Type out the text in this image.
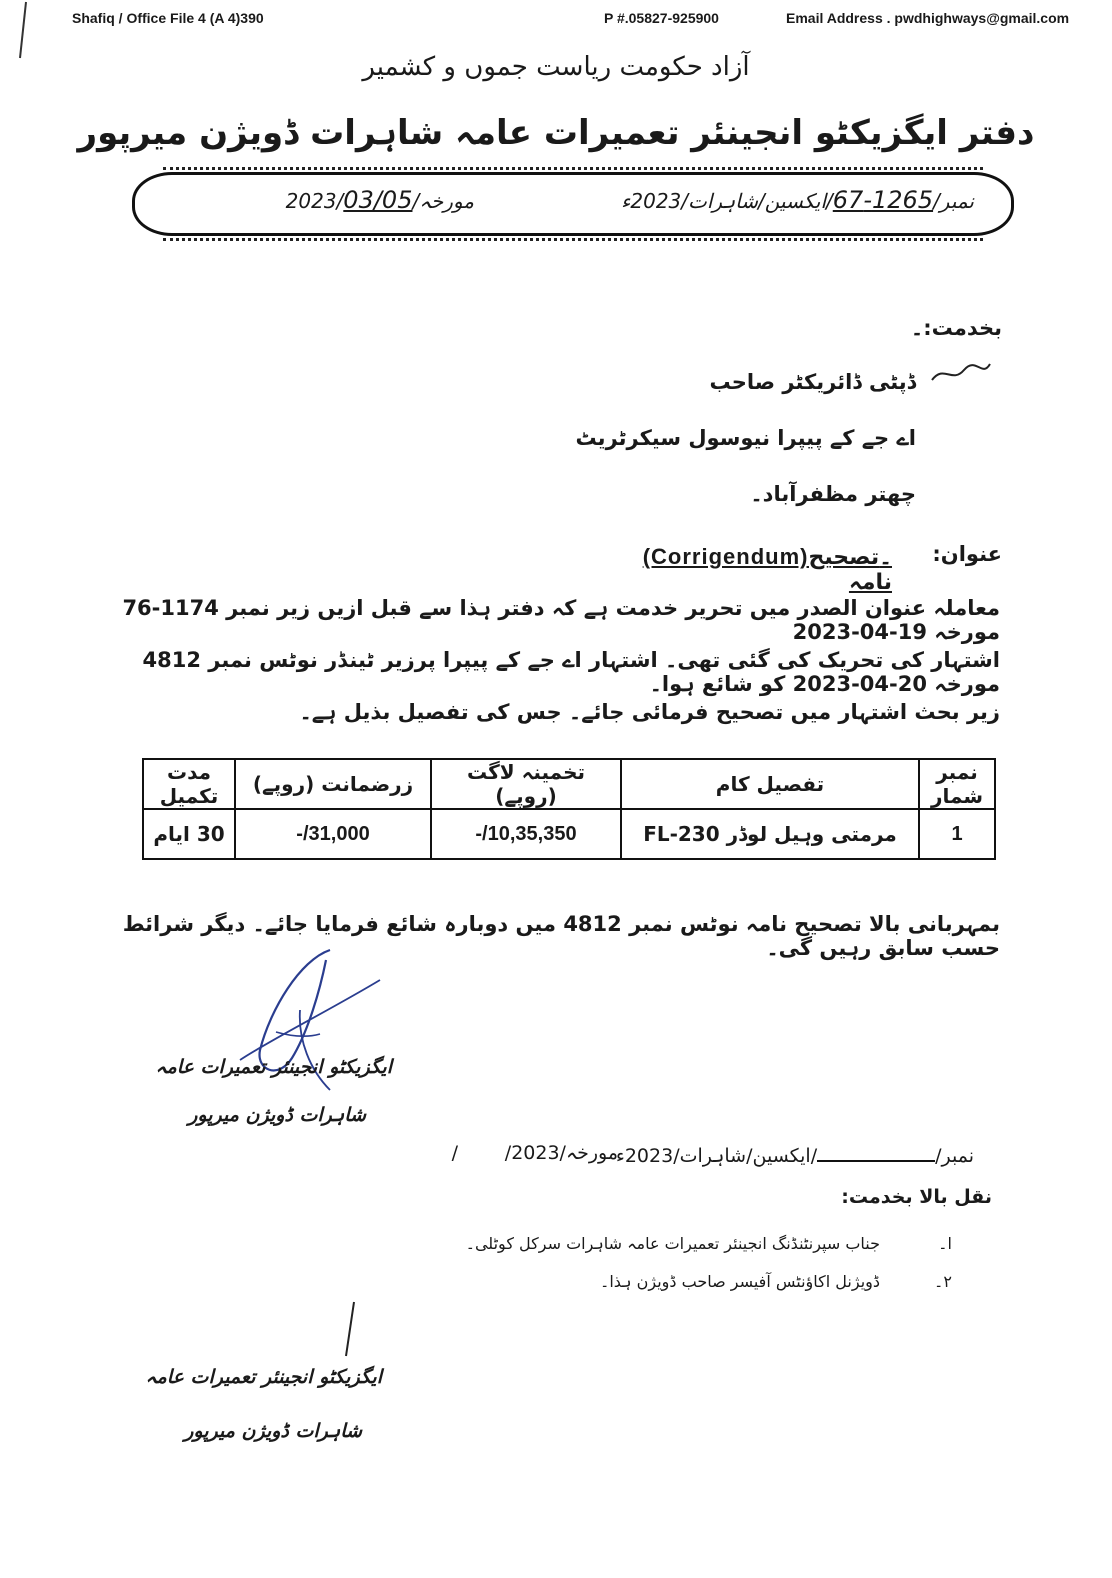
Shafiq / Office File 4 (A 4)390	P #.05827-925900	Email Address . pwdhighways@gmail.com
آزاد حکومت ریاست جموں و کشمیر
دفتر ایگزیکٹو انجینئر تعمیرات عامہ شاہرات ڈویژن میرپور
نمبر/1265-67/ایکسین/شاہرات/2023ء
مورخہ/2023/03/05
بخدمت:۔
ڈپٹی ڈائریکٹر صاحب
اے جے کے پیپرا نیوسول سیکرٹریٹ
چھتر مظفرآباد۔
عنوان:
(Corrigendum)۔تصحیح نامہ
معاملہ عنوان الصدر میں تحریر خدمت ہے کہ دفتر ہذا سے قبل ازیں زیر نمبر 1174-76 مورخہ 19-04-2023
اشتہار کی تحریک کی گئی تھی۔ اشتہار اے جے کے پیپرا پرزیر ٹینڈر نوٹس نمبر 4812 مورخہ 20-04-2023 کو شائع ہوا۔
زیر بحث اشتہار میں تصحیح فرمائی جائے۔ جس کی تفصیل بذیل ہے۔
نمبر شمار	تفصیل کام	تخمینہ لاگت (روپے)	زرضمانت (روپے)	مدت تکمیل
1	مرمتی وہیل لوڈر FL-230	10,35,350/-	31,000/-	30 ایام
بمہربانی بالا تصحیح نامہ نوٹس نمبر 4812 میں دوبارہ شائع فرمایا جائے۔ دیگر شرائط حسب سابق رہیں گی۔
ایگزیکٹو انجینئر تعمیرات عامہ
شاہرات ڈویژن میرپور
نمبر//ایکسین/شاہرات/2023ء
مورخہ/2023/
/
نقل بالا بخدمت:
ا۔
جناب سپرنٹنڈنگ انجینئر تعمیرات عامہ شاہرات سرکل کوٹلی۔
۲۔
ڈویژنل اکاؤنٹس آفیسر صاحب ڈویژن ہذا۔
ایگزیکٹو انجینئر تعمیرات عامہ
شاہرات ڈویژن میرپور
